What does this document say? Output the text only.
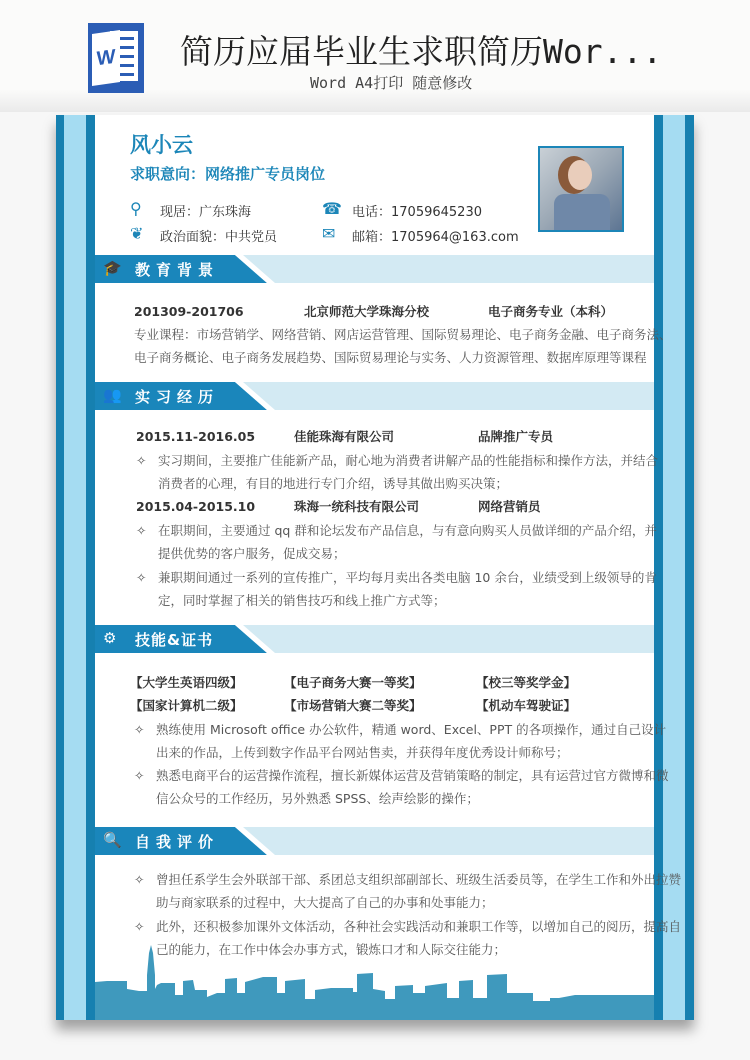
W 简历应届毕业生求职简历Wor...
Word A4打印 随意修改
风小云
求职意向：网络推广专员岗位
⚲ 现居：广东珠海
❦ 政治面貌：中共党员
☎ 电话：17059645230
✉ 邮箱：1705964@163.com
🎓 教育背景
201309-201706	北京师范大学珠海分校	电子商务专业（本科）
专业课程：市场营销学、网络营销、网店运营管理、国际贸易理论、电子商务金融、电子商务法、
电子商务概论、电子商务发展趋势、国际贸易理论与实务、人力资源管理、数据库原理等课程
👥 实习经历
2015.11-2016.05	佳能珠海有限公司	品牌推广专员
✧ 实习期间，主要推广佳能新产品，耐心地为消费者讲解产品的性能指标和操作方法，并结合
消费者的心理，有目的地进行专门介绍，诱导其做出购买决策；
2015.04-2015.10	珠海一统科技有限公司	网络营销员
✧ 在职期间，主要通过 qq 群和论坛发布产品信息，与有意向购买人员做详细的产品介绍，并
提供优势的客户服务，促成交易；
✧ 兼职期间通过一系列的宣传推广，平均每月卖出各类电脑 10 余台，业绩受到上级领导的肯
定，同时掌握了相关的销售技巧和线上推广方式等；
⚙ 技能&证书
【大学生英语四级】	【电子商务大赛一等奖】	【校三等奖学金】
【国家计算机二级】	【市场营销大赛二等奖】	【机动车驾驶证】
✧ 熟练使用 Microsoft office 办公软件，精通 word、Excel、PPT 的各项操作，通过自己设计
出来的作品，上传到数字作品平台网站售卖，并获得年度优秀设计师称号；
✧ 熟悉电商平台的运营操作流程，擅长新媒体运营及营销策略的制定，具有运营过官方微博和微
信公众号的工作经历，另外熟悉 SPSS、绘声绘影的操作；
🔍 自我评价
✧ 曾担任系学生会外联部干部、系团总支组织部副部长、班级生活委员等，在学生工作和外出拉赞
助与商家联系的过程中，大大提高了自己的办事和处事能力；
✧ 此外，还积极参加课外文体活动，各种社会实践活动和兼职工作等，以增加自己的阅历，提高自
己的能力，在工作中体会办事方式，锻炼口才和人际交往能力；
